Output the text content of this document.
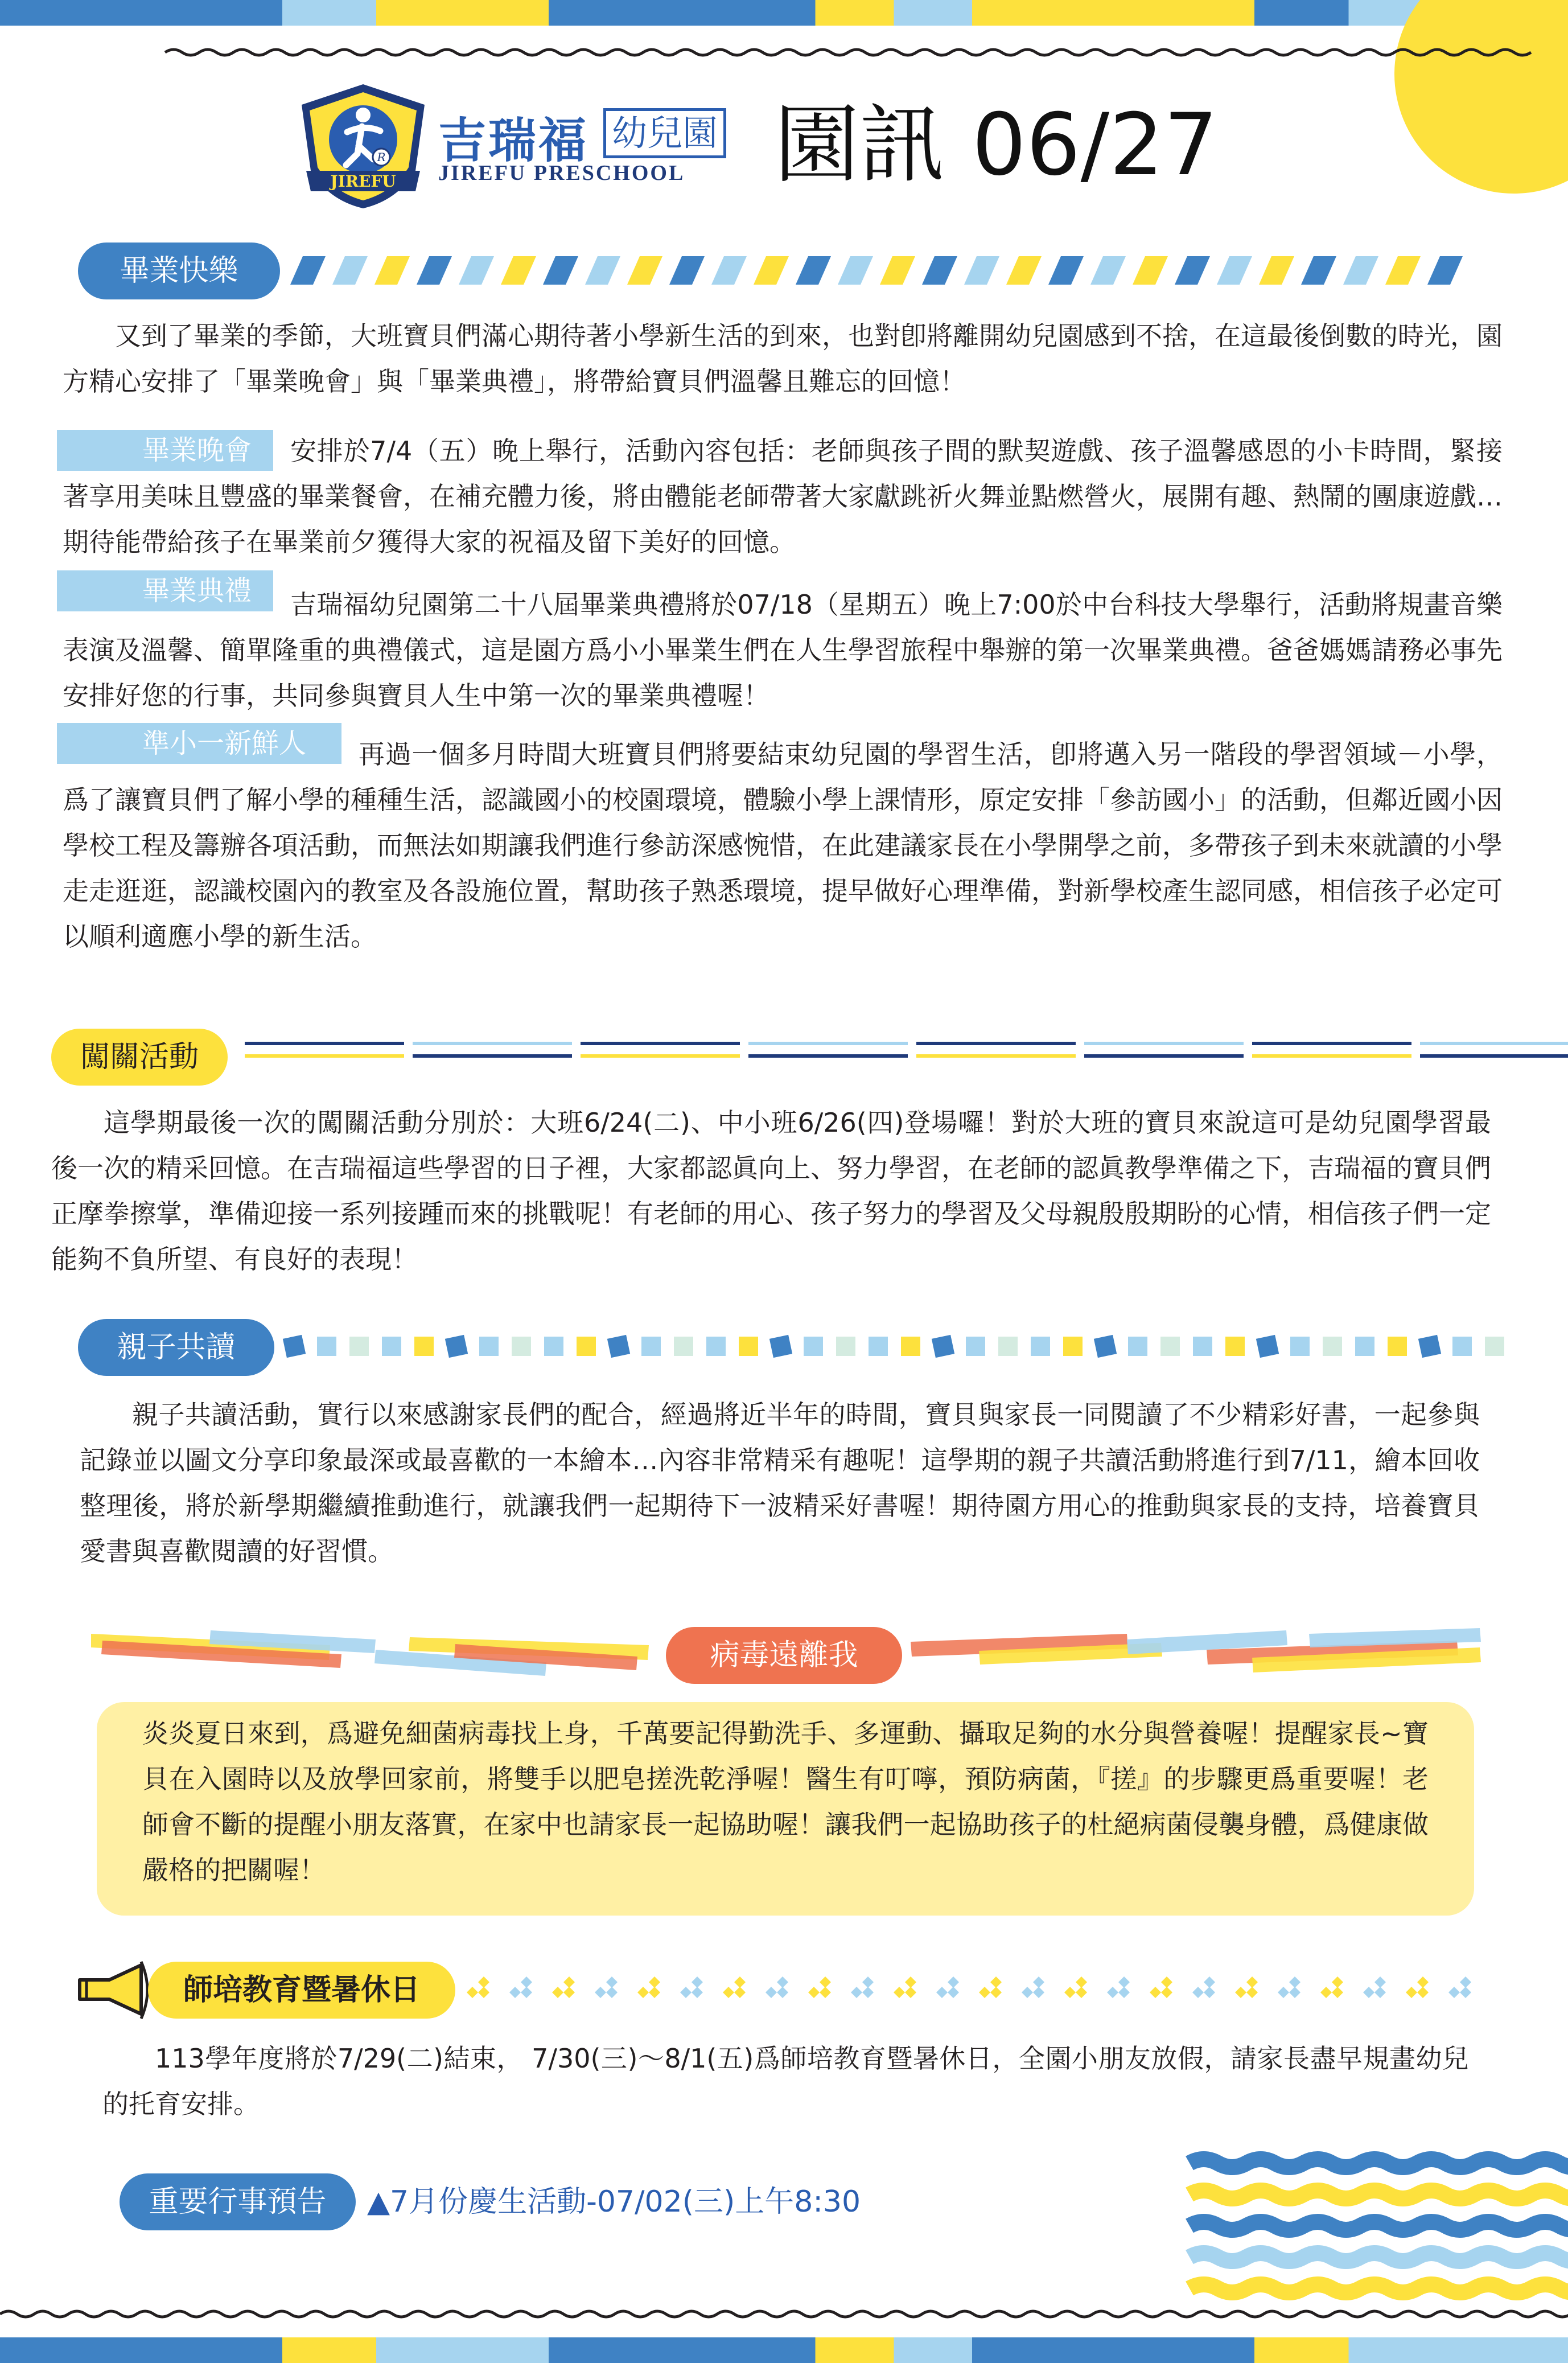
R
JIREFU
吉瑞福 幼兒園
JIREFU PRESCHOOL 園訊 06/27
畢業快樂
又到了畢業的季節，大班寶貝們滿心期待著小學新生活的到來，也對卽將離開幼兒園感到不捨，在這最後倒數的時光，園方精心安排了「畢業晚會」與「畢業典禮」，將帶給寶貝們溫馨且難忘的回憶！
畢業晚會	安排於7/4（五）晚上舉行，活動內容包括：老師與孩子間的默契遊戲、孩子溫馨感恩的小卡時間，緊接著享用美味且豐盛的畢業餐會，在補充體力後，將由體能老師帶著大家獻跳祈火舞並點燃營火，展開有趣、熱鬧的團康遊戲…期待能帶給孩子在畢業前夕獲得大家的祝福及留下美好的回憶。
畢業典禮	吉瑞福幼兒園第二十八屆畢業典禮將於07/18（星期五）晚上7:00於中台科技大學舉行，活動將規畫音樂表演及溫馨、簡單隆重的典禮儀式，這是園方爲小小畢業生們在人生學習旅程中舉辦的第一次畢業典禮。爸爸媽媽請務必事先安排好您的行事，共同參與寶貝人生中第一次的畢業典禮喔！
準小一新鮮人	再過一個多月時間大班寶貝們將要結束幼兒園的學習生活，卽將邁入另一階段的學習領域－小學，爲了讓寶貝們了解小學的種種生活，認識國小的校園環境，體驗小學上課情形，原定安排「參訪國小」的活動，但鄰近國小因學校工程及籌辦各項活動，而無法如期讓我們進行參訪深感惋惜，在此建議家長在小學開學之前，多帶孩子到未來就讀的小學走走逛逛，認識校園內的教室及各設施位置，幫助孩子熟悉環境，提早做好心理準備，對新學校產生認同感，相信孩子必定可以順利適應小學的新生活。
闖關活動
這學期最後一次的闖關活動分別於：大班6/24(二)、中小班6/26(四)登場囉！對於大班的寶貝來說這可是幼兒園學習最後一次的精采回憶。在吉瑞福這些學習的日子裡，大家都認眞向上、努力學習，在老師的認眞教學準備之下，吉瑞福的寶貝們正摩拳擦掌，準備迎接一系列接踵而來的挑戰呢！有老師的用心、孩子努力的學習及父母親殷殷期盼的心情，相信孩子們一定能夠不負所望、有良好的表現！
親子共讀
親子共讀活動，實行以來感謝家長們的配合，經過將近半年的時間，寶貝與家長一同閱讀了不少精彩好書，一起參與記錄並以圖文分享印象最深或最喜歡的一本繪本…內容非常精采有趣呢！這學期的親子共讀活動將進行到7/11，繪本回收整理後，將於新學期繼續推動進行，就讓我們一起期待下一波精采好書喔！期待園方用心的推動與家長的支持，培養寶貝愛書與喜歡閱讀的好習慣。
病毒遠離我
炎炎夏日來到，爲避免細菌病毒找上身，千萬要記得勤洗手、多運動、攝取足夠的水分與營養喔！提醒家長~寶貝在入園時以及放學回家前，將雙手以肥皂搓洗乾淨喔！醫生有叮嚀，預防病菌，『搓』的步驟更爲重要喔！老師會不斷的提醒小朋友落實，在家中也請家長一起協助喔！讓我們一起協助孩子的杜絕病菌侵襲身體，爲健康做嚴格的把關喔！
師培教育暨暑休日
113學年度將於7/29(二)結束， 7/30(三)～8/1(五)爲師培教育暨暑休日，全園小朋友放假，請家長盡早規畫幼兒的托育安排。
重要行事預告	▲7月份慶生活動-07/02(三)上午8:30
